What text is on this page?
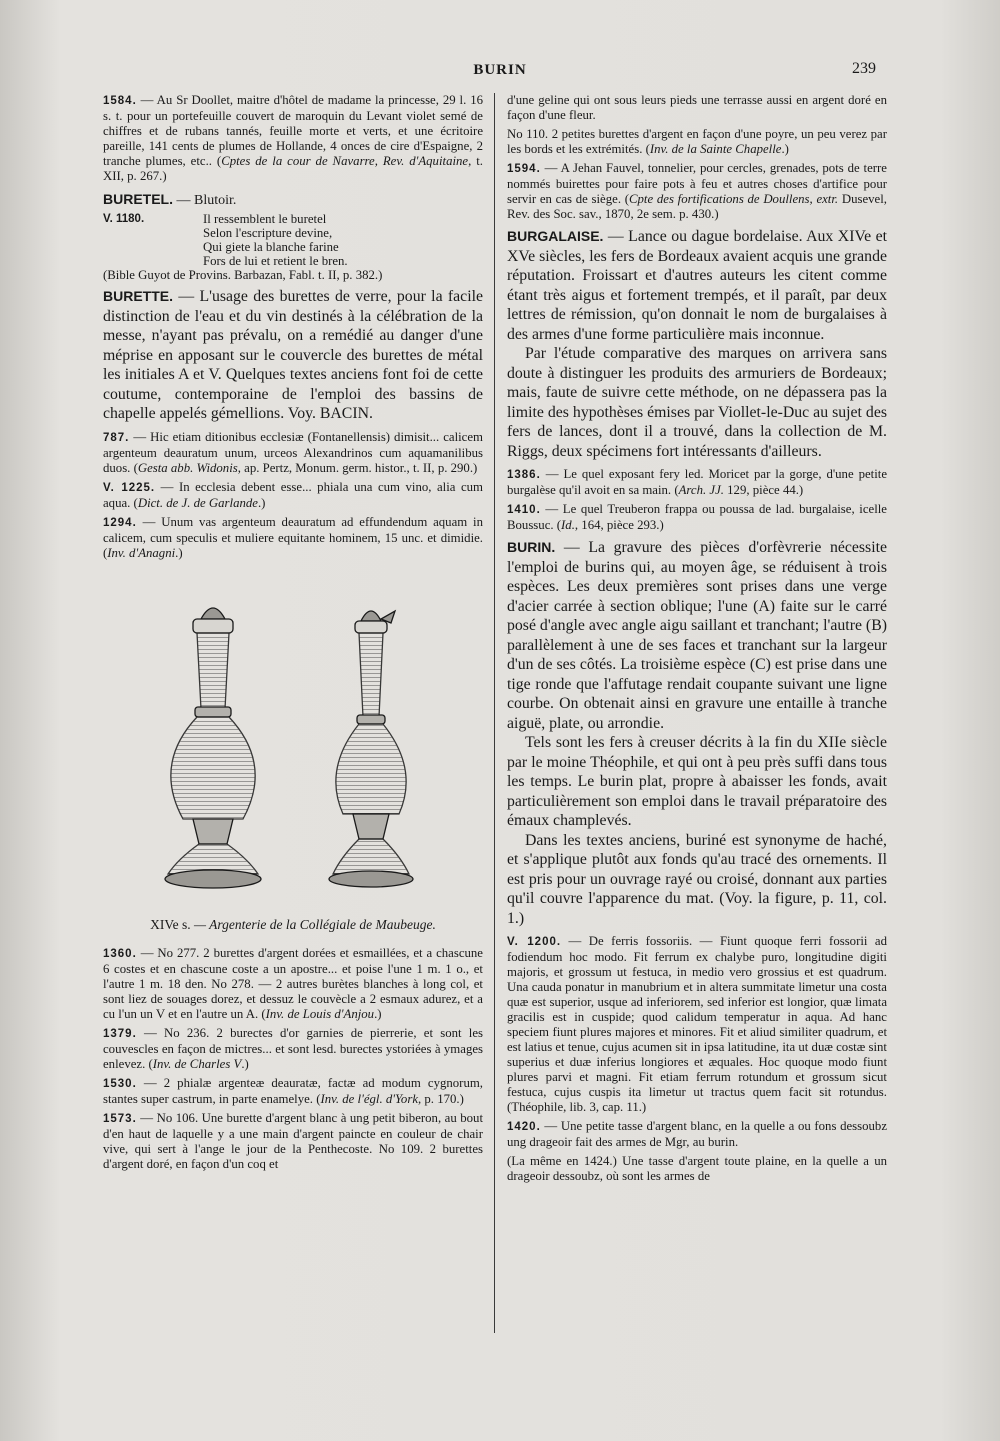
BURIN	239

1584. — Au Sr Doollet, maitre d'hôtel de madame la princesse, 29 l. 16 s. t. pour un portefeuille couvert de maroquin du Levant violet semé de chiffres et de rubans tannés, feuille morte et verts, et une écritoire pareille, 141 cents de plumes de Hollande, 4 onces de cire d'Espaigne, 2 tranche plumes, etc.. (Cptes de la cour de Navarre, Rev. d'Aquitaine, t. XII, p. 267.)

BURETEL. — Blutoir.

V. 1180.	Il ressemblent le buretel
Selon l'escripture devine,
Qui giete la blanche farine
Fors de lui et retient le bren.
(Bible Guyot de Provins. Barbazan, Fabl. t. II, p. 382.)

BURETTE. — L'usage des burettes de verre, pour la facile distinction de l'eau et du vin destinés à la célébration de la messe, n'ayant pas prévalu, on a remédié au danger d'une méprise en apposant sur le couvercle des burettes de métal les initiales A et V. Quelques textes anciens font foi de cette coutume, contemporaine de l'emploi des bassins de chapelle appelés gémellions. Voy. BACIN.

787. — Hic etiam ditionibus ecclesiæ (Fontanellensis) dimisit... calicem argenteum deauratum unum, urceos Alexandrinos cum aquamanilibus duos. (Gesta abb. Widonis, ap. Pertz, Monum. germ. histor., t. II, p. 290.)

V. 1225. — In ecclesia debent esse... phiala una cum vino, alia cum aqua. (Dict. de J. de Garlande.)

1294. — Unum vas argenteum deauratum ad effundendum aquam in calicem, cum speculis et muliere equitante hominem, 15 unc. et dimidie. (Inv. d'Anagni.)

XIVe s. — Argenterie de la Collégiale de Maubeuge.

1360. — No 277. 2 burettes d'argent dorées et esmaillées, et a chascune 6 costes et en chascune coste a un apostre... et poise l'une 1 m. 1 o., et l'autre 1 m. 18 den. No 278. — 2 autres burètes blanches à long col, et sont liez de souages dorez, et dessuz le couvècle a 2 esmaux adurez, et a cu l'un un V et en l'autre un A. (Inv. de Louis d'Anjou.)

1379. — No 236. 2 burectes d'or garnies de pierrerie, et sont les couvescles en façon de mictres... et sont lesd. burectes ystoriées à ymages enlevez. (Inv. de Charles V.)

1530. — 2 phialæ argenteæ deauratæ, factæ ad modum cygnorum, stantes super castrum, in parte enamelye. (Inv. de l'égl. d'York, p. 170.)

1573. — No 106. Une burette d'argent blanc à ung petit biberon, au bout d'en haut de laquelle y a une main d'argent paincte en couleur de chair vive, qui sert à l'ange le jour de la Penthecoste. No 109. 2 burettes d'argent doré, en façon d'un coq et

d'une geline qui ont sous leurs pieds une terrasse aussi en argent doré en façon d'une fleur.

No 110. 2 petites burettes d'argent en façon d'une poyre, un peu verez par les bords et les extrémités. (Inv. de la Sainte Chapelle.)

1594. — A Jehan Fauvel, tonnelier, pour cercles, grenades, pots de terre nommés buirettes pour faire pots à feu et autres choses d'artifice pour servir en cas de siège. (Cpte des fortifications de Doullens, extr. Dusevel, Rev. des Soc. sav., 1870, 2e sem. p. 430.)

BURGALAISE. — Lance ou dague bordelaise. Aux XIVe et XVe siècles, les fers de Bordeaux avaient acquis une grande réputation. Froissart et d'autres auteurs les citent comme étant très aigus et fortement trempés, et il paraît, par deux lettres de rémission, qu'on donnait le nom de burgalaises à des armes d'une forme particulière mais inconnue.

Par l'étude comparative des marques on arrivera sans doute à distinguer les produits des armuriers de Bordeaux; mais, faute de suivre cette méthode, on ne dépassera pas la limite des hypothèses émises par Viollet-le-Duc au sujet des fers de lances, dont il a trouvé, dans la collection de M. Riggs, deux spécimens fort intéressants d'ailleurs.

1386. — Le quel exposant fery led. Moricet par la gorge, d'une petite burgalèse qu'il avoit en sa main. (Arch. JJ. 129, pièce 44.)

1410. — Le quel Treuberon frappa ou poussa de lad. burgalaise, icelle Boussuc. (Id., 164, pièce 293.)

BURIN. — La gravure des pièces d'orfèvrerie nécessite l'emploi de burins qui, au moyen âge, se réduisent à trois espèces. Les deux premières sont prises dans une verge d'acier carrée à section oblique; l'une (A) faite sur le carré posé d'angle avec angle aigu saillant et tranchant; l'autre (B) parallèlement à une de ses faces et tranchant sur la largeur d'un de ses côtés. La troisième espèce (C) est prise dans une tige ronde que l'affutage rendait coupante suivant une ligne courbe. On obtenait ainsi en gravure une entaille à tranche aiguë, plate, ou arrondie.

Tels sont les fers à creuser décrits à la fin du XIIe siècle par le moine Théophile, et qui ont à peu près suffi dans tous les temps. Le burin plat, propre à abaisser les fonds, avait particulièrement son emploi dans le travail préparatoire des émaux champlevés.

Dans les textes anciens, buriné est synonyme de haché, et s'applique plutôt aux fonds qu'au tracé des ornements. Il est pris pour un ouvrage rayé ou croisé, donnant aux parties qu'il couvre l'apparence du mat. (Voy. la figure, p. 11, col. 1.)

V. 1200. — De ferris fossoriis. — Fiunt quoque ferri fossorii ad fodiendum hoc modo. Fit ferrum ex chalybe puro, longitudine digiti majoris, et grossum ut festuca, in medio vero grossius et est quadrum. Una cauda ponatur in manubrium et in altera summitate limetur una costa quæ est superior, usque ad inferiorem, sed inferior est longior, quæ limata gracilis est in cuspide; quod calidum temperatur in aqua. Ad hanc speciem fiunt plures majores et minores. Fit et aliud similiter quadrum, et est latius et tenue, cujus acumen sit in ipsa latitudine, ita ut duæ costæ sint superius et duæ inferius longiores et æquales. Hoc quoque modo fiunt plures parvi et magni. Fit etiam ferrum rotundum et grossum sicut festuca, cujus cuspis ita limetur ut tractus quem facit sit rotundus. (Théophile, lib. 3, cap. 11.)

1420. — Une petite tasse d'argent blanc, en la quelle a ou fons dessoubz ung drageoir fait des armes de Mgr, au burin.

(La même en 1424.) Une tasse d'argent toute plaine, en la quelle a un drageoir dessoubz, où sont les armes de
